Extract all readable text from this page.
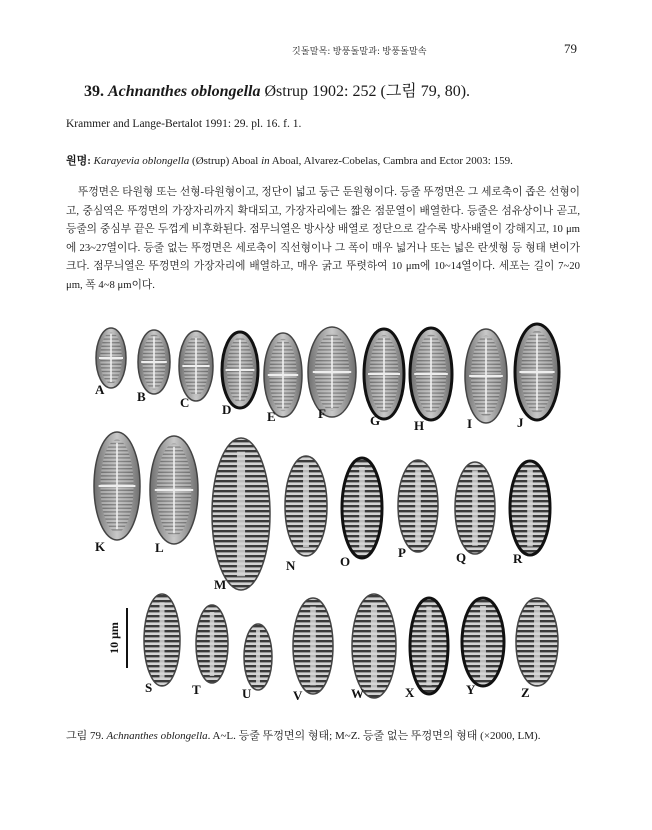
깃돌말목: 방풍돌말과: 방풍돌말속	79
39. Achnanthes oblongella Østrup 1902: 252 (그림 79, 80).
Krammer and Lange-Bertalot 1991: 29. pl. 16. f. 1.
원명: Karayevia oblongella (Østrup) Aboal in Aboal, Alvarez-Cobelas, Cambra and Ector 2003: 159.

뚜껑면은 타원형 또는 선형-타원형이고, 정단이 넓고 둥근 둔원형이다. 등줄 뚜껑면은 그 세로축이 좁은 선형이고, 중심역은 뚜껑면의 가장자리까지 확대되고, 가장자리에는 짧은 점문열이 배열한다. 등줄은 섬유상이나 곧고, 등줄의 중심부 끝은 두껍게 비후화된다. 점무늬열은 방사상 배열로 정단으로 갈수록 방사배열이 강해지고, 10 μm에 23~27열이다. 등줄 없는 뚜껑면은 세로축이 직선형이나 그 폭이 매우 넓거나 또는 넓은 란셋형 등 형태 변이가 크다. 점무늬열은 뚜껑면의 가장자리에 배열하고, 매우 굵고 뚜렷하여 10 μm에 10~14열이다. 세포는 길이 7~20 μm, 폭 4~8 μm이다.

A	B	C	D	E	F	G	H	I	J
K	L
M
N	O
P	Q	R
S	T	U	V	W	X	Y	Z
10 μm

그림 79. Achnanthes oblongella. A~L. 등줄 뚜껑면의 형태; M~Z. 등줄 없는 뚜껑면의 형태 (×2000, LM).
